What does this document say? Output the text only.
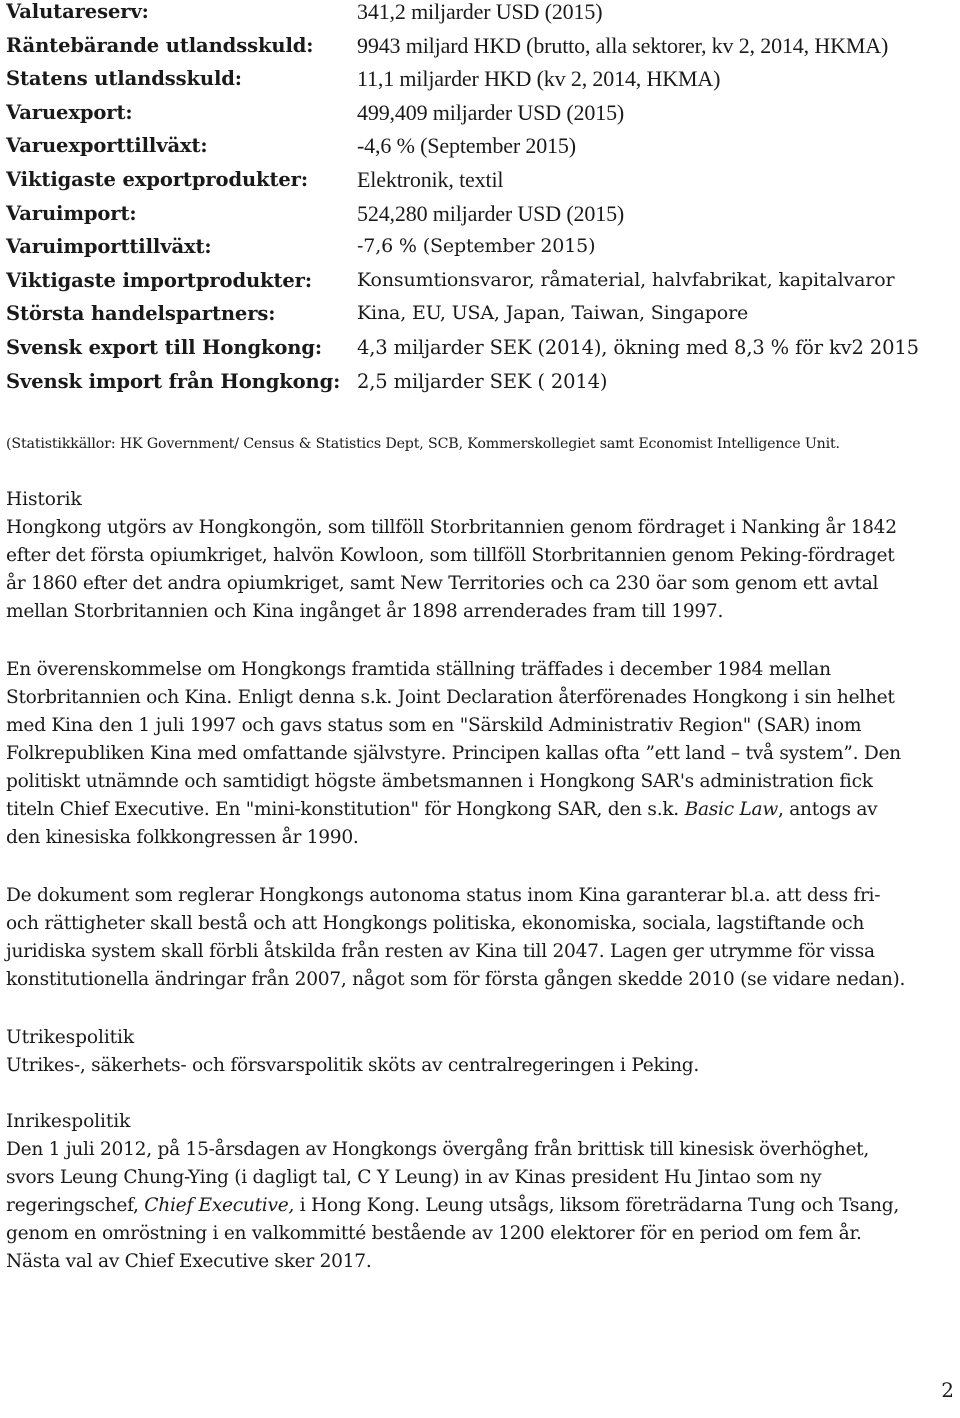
Valutareserv:	341,2 miljarder USD (2015)
Räntebärande utlandsskuld: 9943 miljard HKD (brutto, alla sektorer, kv 2, 2014, HKMA)
Statens utlandsskuld:	11,1 miljarder HKD (kv 2, 2014, HKMA)
Varuexport:	499,409 miljarder USD (2015)
Varuexporttillväxt:	-4,6 % (September 2015)
Viktigaste exportprodukter: Elektronik, textil
Varuimport:	524,280 miljarder USD (2015)
Varuimporttillväxt:	-7,6 % (September 2015)
Viktigaste importprodukter: Konsumtionsvaror, råmaterial, halvfabrikat, kapitalvaror
Största handelspartners:	Kina, EU, USA, Japan, Taiwan, Singapore
Svensk export till Hongkong: 4,3 miljarder SEK (2014), ökning med 8,3 % för kv2 2015
Svensk import från Hongkong: 2,5 miljarder SEK ( 2014)
(Statistikkällor: HK Government/ Census & Statistics Dept, SCB, Kommerskollegiet samt Economist Intelligence Unit.
Historik
Hongkong utgörs av Hongkongön, som tillföll Storbritannien genom fördraget i Nanking år 1842
efter det första opiumkriget, halvön Kowloon, som tillföll Storbritannien genom Peking-fördraget
år 1860 efter det andra opiumkriget, samt New Territories och ca 230 öar som genom ett avtal
mellan Storbritannien och Kina ingånget år 1898 arrenderades fram till 1997.
En överenskommelse om Hongkongs framtida ställning träffades i december 1984 mellan
Storbritannien och Kina. Enligt denna s.k. Joint Declaration återförenades Hongkong i sin helhet
med Kina den 1 juli 1997 och gavs status som en "Särskild Administrativ Region" (SAR) inom
Folkrepubliken Kina med omfattande självstyre. Principen kallas ofta ”ett land – två system”. Den
politiskt utnämnde och samtidigt högste ämbetsmannen i Hongkong SAR's administration fick
titeln Chief Executive. En "mini-konstitution" för Hongkong SAR, den s.k. Basic Law, antogs av
den kinesiska folkkongressen år 1990.
De dokument som reglerar Hongkongs autonoma status inom Kina garanterar bl.a. att dess fri-
och rättigheter skall bestå och att Hongkongs politiska, ekonomiska, sociala, lagstiftande och
juridiska system skall förbli åtskilda från resten av Kina till 2047. Lagen ger utrymme för vissa
konstitutionella ändringar från 2007, något som för första gången skedde 2010 (se vidare nedan).
Utrikespolitik
Utrikes-, säkerhets- och försvarspolitik sköts av centralregeringen i Peking.
Inrikespolitik
Den 1 juli 2012, på 15-årsdagen av Hongkongs övergång från brittisk till kinesisk överhöghet,
svors Leung Chung-Ying (i dagligt tal, C Y Leung) in av Kinas president Hu Jintao som ny
regeringschef, Chief Executive, i Hong Kong. Leung utsågs, liksom företrädarna Tung och Tsang,
genom en omröstning i en valkommitté bestående av 1200 elektorer för en period om fem år.
Nästa val av Chief Executive sker 2017.
2
